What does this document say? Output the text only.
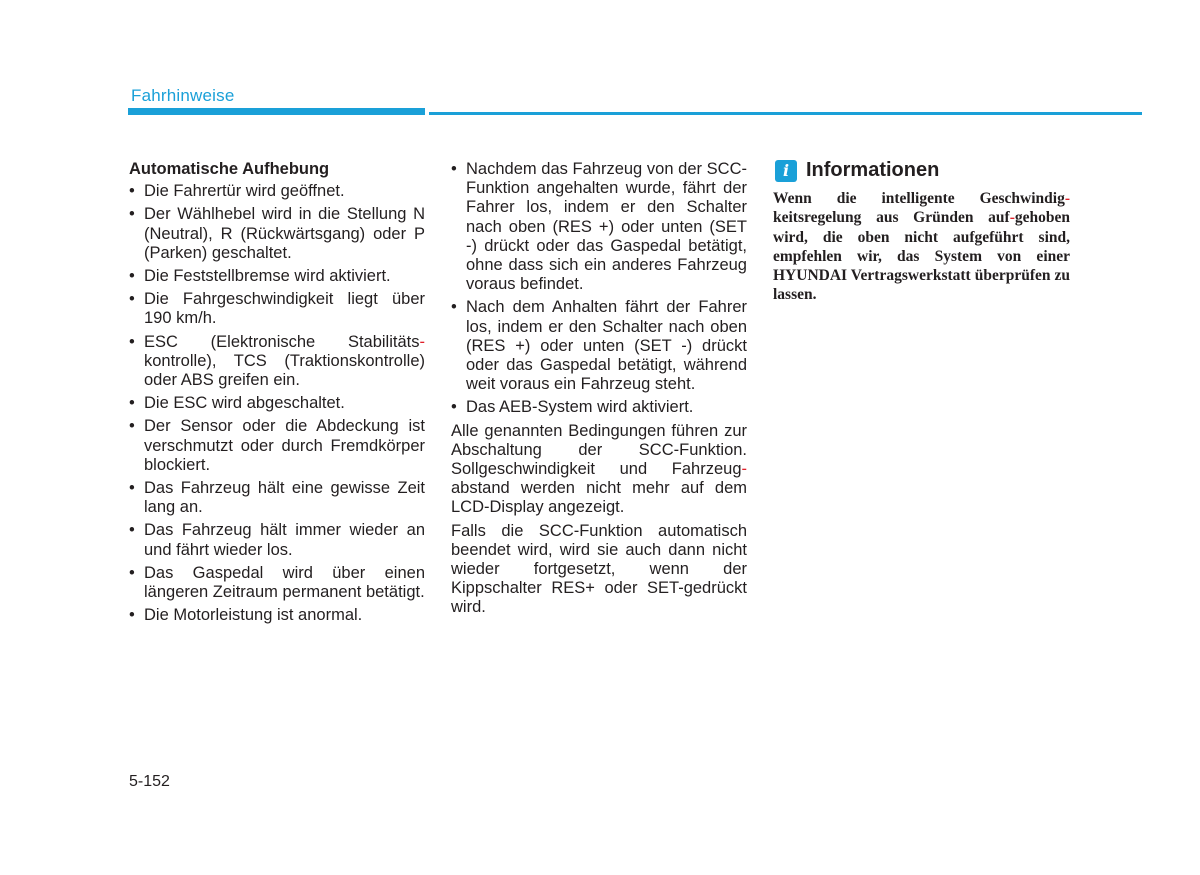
Fahrhinweise
Automatische Aufhebung
• Die Fahrertür wird geöffnet.
• Der Wählhebel wird in die Stellung N (Neutral), R (Rückwärtsgang) oder P (Parken) geschaltet.
• Die Feststellbremse wird aktiviert.
• Die Fahrgeschwindigkeit liegt über 190 km/h.
• ESC (Elektronische Stabilitäts-kontrolle), TCS (Traktionskontrolle) oder ABS greifen ein.
• Die ESC wird abgeschaltet.
• Der Sensor oder die Abdeckung ist verschmutzt oder durch Fremdkörper blockiert.
• Das Fahrzeug hält eine gewisse Zeit lang an.
• Das Fahrzeug hält immer wieder an und fährt wieder los.
• Das Gaspedal wird über einen längeren Zeitraum permanent betätigt.
• Die Motorleistung ist anormal.
• Nachdem das Fahrzeug von der SCC-Funktion angehalten wurde, fährt der Fahrer los, indem er den Schalter nach oben (RES +) oder unten (SET -) drückt oder das Gaspedal betätigt, ohne dass sich ein anderes Fahrzeug voraus befindet.
• Nach dem Anhalten fährt der Fahrer los, indem er den Schalter nach oben (RES +) oder unten (SET -) drückt oder das Gaspedal betätigt, während weit voraus ein Fahrzeug steht.
• Das AEB-System wird aktiviert.

Alle genannten Bedingungen führen zur Abschaltung der SCC-Funktion. Sollgeschwindigkeit und Fahrzeug-abstand werden nicht mehr auf dem LCD-Display angezeigt.

Falls die SCC-Funktion automatisch beendet wird, wird sie auch dann nicht wieder fortgesetzt, wenn der Kippschalter RES+ oder SET-gedrückt wird.

i Informationen

Wenn die intelligente Geschwindig-keitsregelung aus Gründen auf-gehoben wird, die oben nicht aufgeführt sind, empfehlen wir, das System von einer HYUNDAI Vertragswerkstatt überprüfen zu lassen.

5-152
